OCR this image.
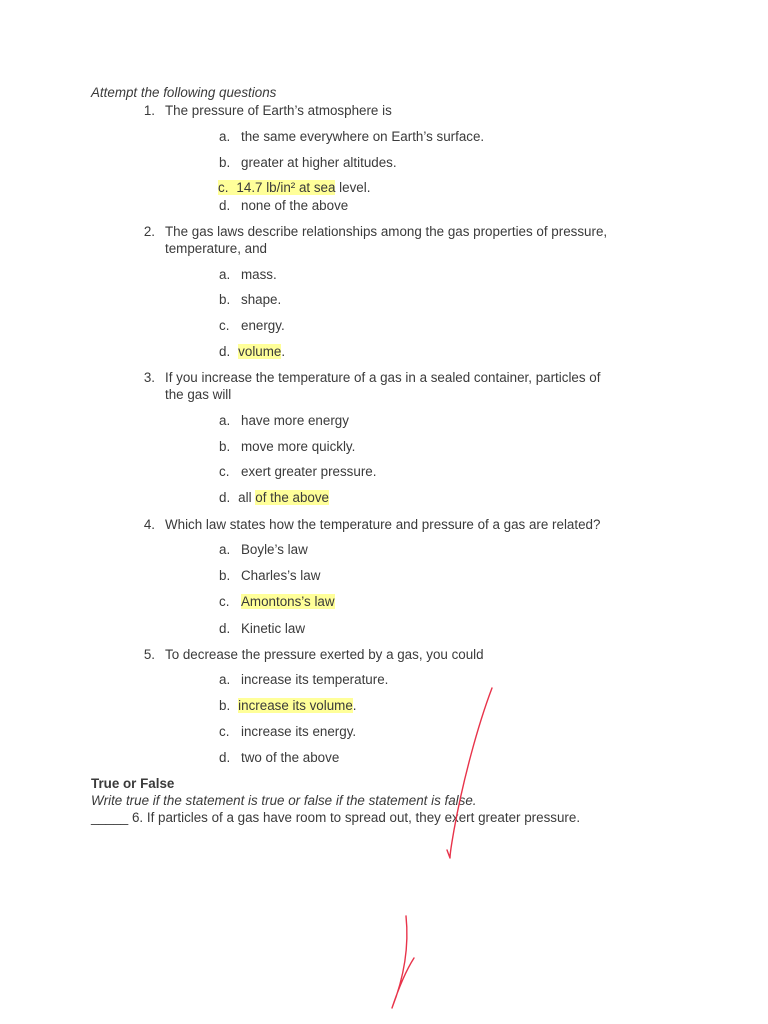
Attempt the following questions
1. The pressure of Earth’s atmosphere is
a. the same everywhere on Earth’s surface.
b. greater at higher altitudes.
c. 14.7 lb/in² at sea level.
d. none of the above
2. The gas laws describe relationships among the gas properties of pressure,
temperature, and
a. mass.
b. shape.
c. energy.
d. volume.
3. If you increase the temperature of a gas in a sealed container, particles of
the gas will
a. have more energy
b. move more quickly.
c. exert greater pressure.
d. all of the above
4. Which law states how the temperature and pressure of a gas are related?
a. Boyle’s law
b. Charles’s law
c. Amontons’s law
d. Kinetic law
5. To decrease the pressure exerted by a gas, you could
a. increase its temperature.
b. increase its volume.
c. increase its energy.
d. two of the above
True or False
Write true if the statement is true or false if the statement is false.
_____ 6. If particles of a gas have room to spread out, they exert greater pressure.
